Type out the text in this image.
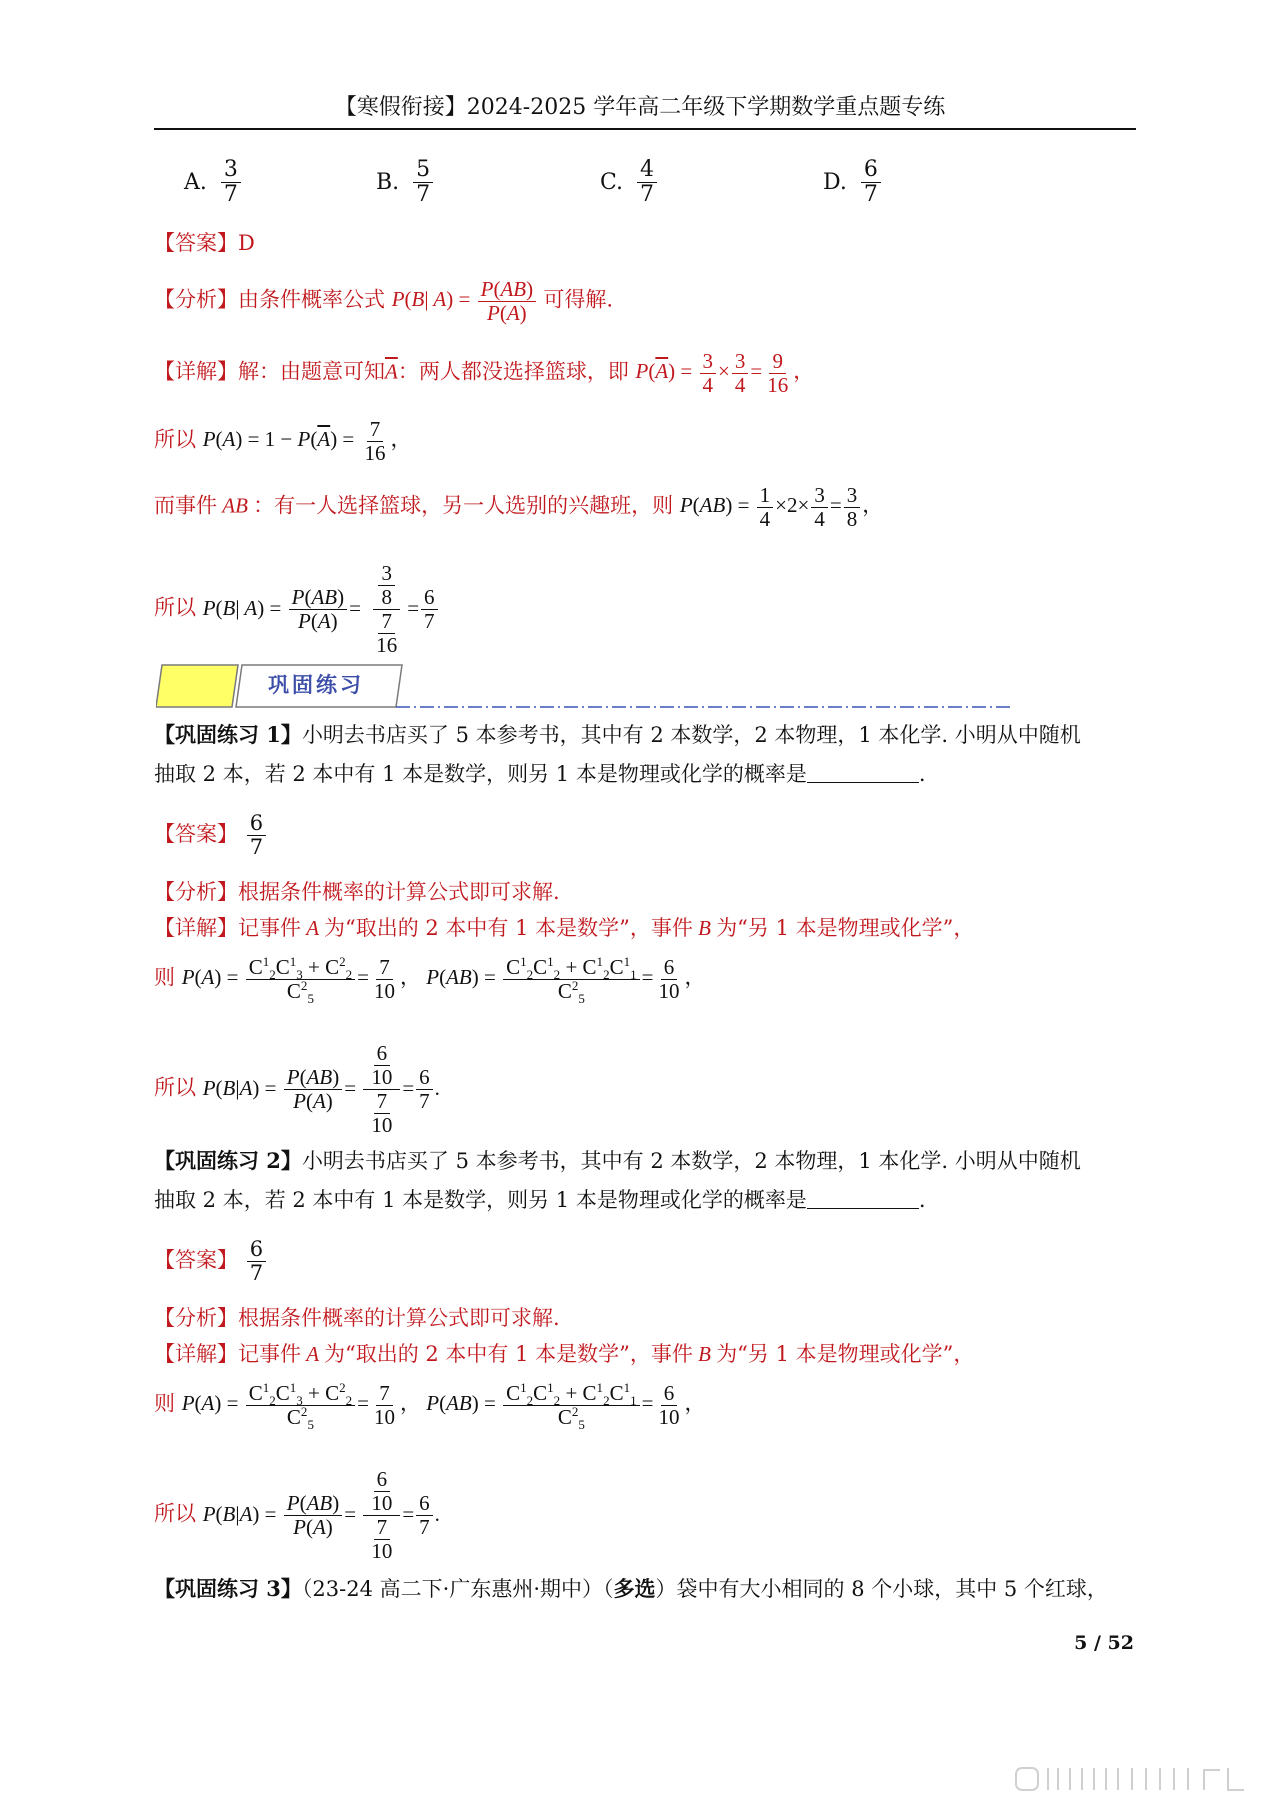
【寒假衔接】2024-2025 学年高二年级下学期数学重点题专练
A. $\frac{3}{7}$	B. $\frac{5}{7}$	C. $\frac{4}{7}$	D. $\frac{6}{7}$
【答案】D
【分析】由条件概率公式 P(B| $A) = \frac{P(AB)}{P(A)}$ 可得解.
【详解】解：由题意可知$\overline{A}$：两人都没选择篮球，即 $P(\overline{A}) = \frac{3}{4} \times \frac{3}{4} = \frac{9}{16}$ ，
所以 $P(A) = 1 - P(\overline{A}) = \frac{7}{16}$ ，
而事件 AB ：有一人选择篮球，另一人选别的兴趣班，则 $P(AB) = \frac{1}{4} \times 2\times \frac{3}{4} = \frac{3}{8}$ ，
所以 P(B| $A) = \frac{P(AB)}{P(A)} = \frac{\frac{3}{8}}{\frac{7}{16}} = \frac{6}{7}$
巩固练习
【巩固练习 1】小明去书店买了 5 本参考书，其中有 2 本数学，2 本物理，1 本化学. 小明从中随机
抽取 2 本，若 2 本中有 1 本是数学，则另 1 本是物理或化学的概率是	.
【答案】 $\frac{6}{7}$
【分析】根据条件概率的计算公式即可求解.
【详解】记事件 A 为“取出的 2 本中有 1 本是数学”，事件 B 为“另 1 本是物理或化学”，
则 $P(A) = \frac{C^1_2C^1_3 + C^2_2}{C^2_5} = \frac{7}{10}$ ， $P(AB) = \frac{C^1_2C^1_2 + C^1_2C^1_1}{C^2_5} = \frac{6}{10}$ ，
所以 $P(B|A) = \frac{P(AB)}{P(A)} = \frac{\frac{6}{10}}{\frac{7}{10}} = \frac{6}{7}$ .
【巩固练习 2】小明去书店买了 5 本参考书，其中有 2 本数学，2 本物理，1 本化学. 小明从中随机
抽取 2 本，若 2 本中有 1 本是数学，则另 1 本是物理或化学的概率是	.
【答案】 $\frac{6}{7}$
【分析】根据条件概率的计算公式即可求解.
【详解】记事件 A 为“取出的 2 本中有 1 本是数学”，事件 B 为“另 1 本是物理或化学”，
则 $P(A) = \frac{C^1_2C^1_3 + C^2_2}{C^2_5} = \frac{7}{10}$ ， $P(AB) = \frac{C^1_2C^1_2 + C^1_2C^1_1}{C^2_5} = \frac{6}{10}$ ，
所以 $P(B|A) = \frac{P(AB)}{P(A)} = \frac{\frac{6}{10}}{\frac{7}{10}} = \frac{6}{7}$ .
【巩固练习 3】（23-24 高二下·广东惠州·期中）（多选）袋中有大小相同的 8 个小球，其中 5 个红球，
5 / 52
